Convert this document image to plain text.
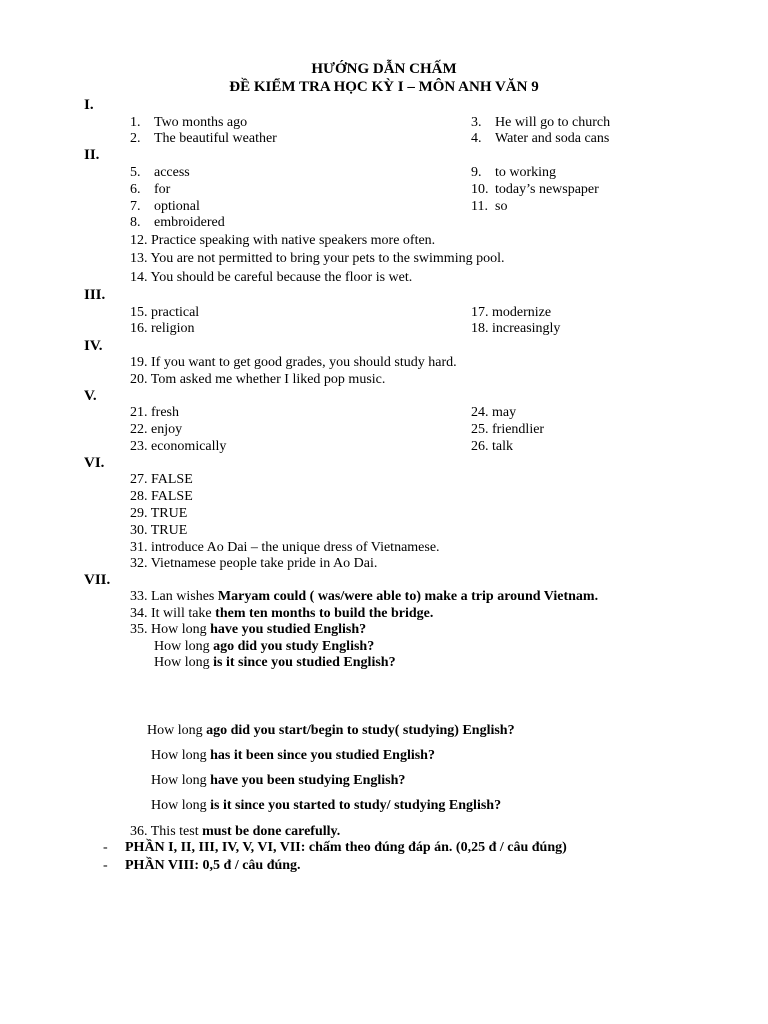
HƯỚNG DẪN CHẤM
ĐỀ KIỂM TRA HỌC KỲ I – MÔN ANH VĂN 9
I.
1. Two months ago
2. The beautiful weather
3. He will go to church
4. Water and soda cans
II.
5. access
6. for
7. optional
8. embroidered
9. to working
10. today’s newspaper
11. so
12. Practice speaking with native speakers more often.
13. You are not permitted to bring your pets to the swimming pool.
14. You should be careful because the floor is wet.
III.
15. practical
16. religion
17. modernize
18. increasingly
IV.
19. If you want to get good grades, you should study hard.
20. Tom asked me whether I liked pop music.
V.
21. fresh
22. enjoy
23. economically
24. may
25. friendlier
26. talk
VI.
27. FALSE
28. FALSE
29. TRUE
30. TRUE
31. introduce Ao Dai – the unique dress of Vietnamese.
32. Vietnamese people take pride in Ao Dai.
VII.
33. Lan wishes Maryam could ( was/were able to) make a trip around Vietnam.
34. It will take them ten months to build the bridge.
35. How long have you studied English?
How long ago did you study English?
How long is it since you studied English?
How long ago did you start/begin to study( studying) English?
How long has it been since you studied English?
How long have you been studying English?
How long is it since you started to study/ studying English?
36. This test must be done carefully.
- PHẦN I, II, III, IV, V, VI, VII: chấm theo đúng đáp án. (0,25 đ / câu đúng)
- PHẦN VIII: 0,5 đ / câu đúng.
